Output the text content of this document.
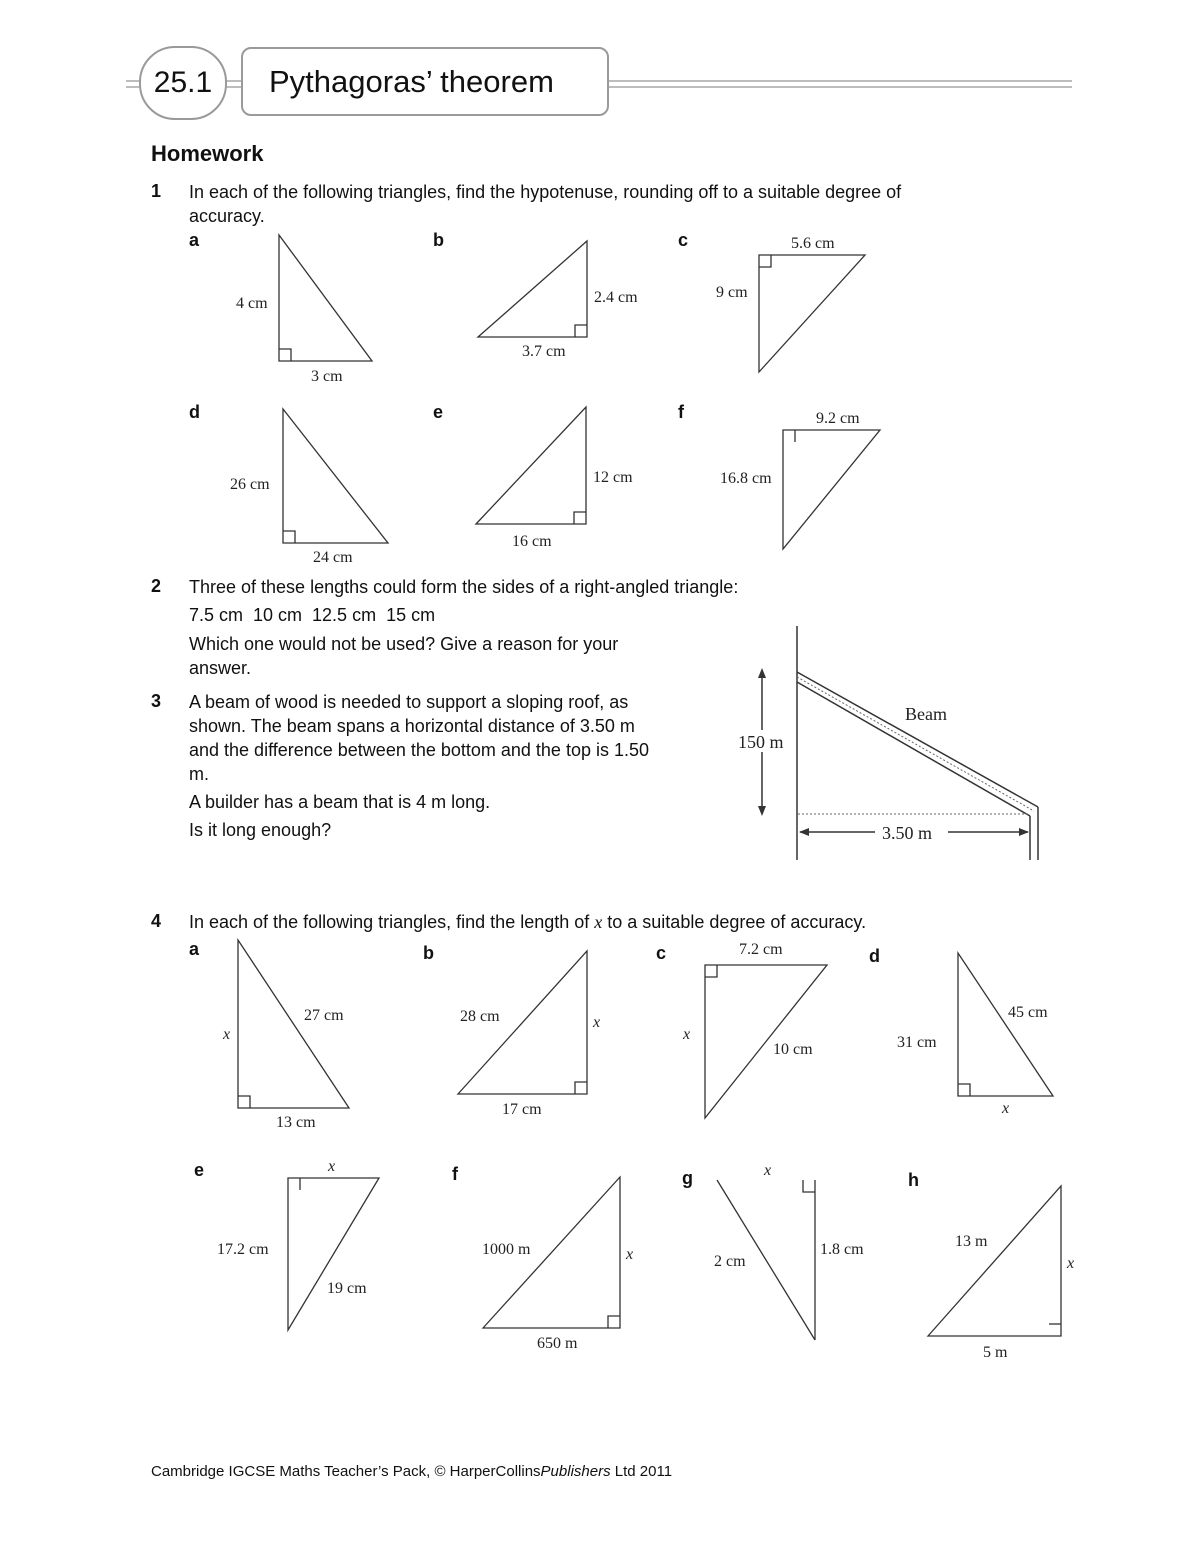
25.1 Pythagoras’ theorem
Homework
1 In each of the following triangles, find the hypotenuse, rounding off to a suitable degree of
accuracy.
a	b	c
d	e	f
4 cm
3 cm
2.4 cm
3.7 cm
5.6 cm
9 cm
26 cm
24 cm
12 cm
16 cm
9.2 cm
16.8 cm
2 Three of these lengths could form the sides of a right-angled triangle:
7.5 cm  10 cm  12.5 cm  15 cm
Which one would not be used? Give a reason for your
answer.
3 A beam of wood is needed to support a sloping roof, as
shown. The beam spans a horizontal distance of 3.50 m
and the difference between the bottom and the top is 1.50
m.
A builder has a beam that is 4 m long.
Is it long enough?
150 m
Beam
3.50 m
4 In each of the following triangles, find the length of x to a suitable degree of accuracy.
a	b	c	d
e	f	g	h
x
27 cm
13 cm
28 cm	x
17 cm
7.2 cm
x
10 cm
45 cm
31 cm
x
x
17.2 cm
19 cm
1000 m	x
650 m
x
2 cm
1.8 cm	13 m
x
5 m
Cambridge IGCSE Maths Teacher’s Pack, © HarperCollinsPublishers Ltd 2011
